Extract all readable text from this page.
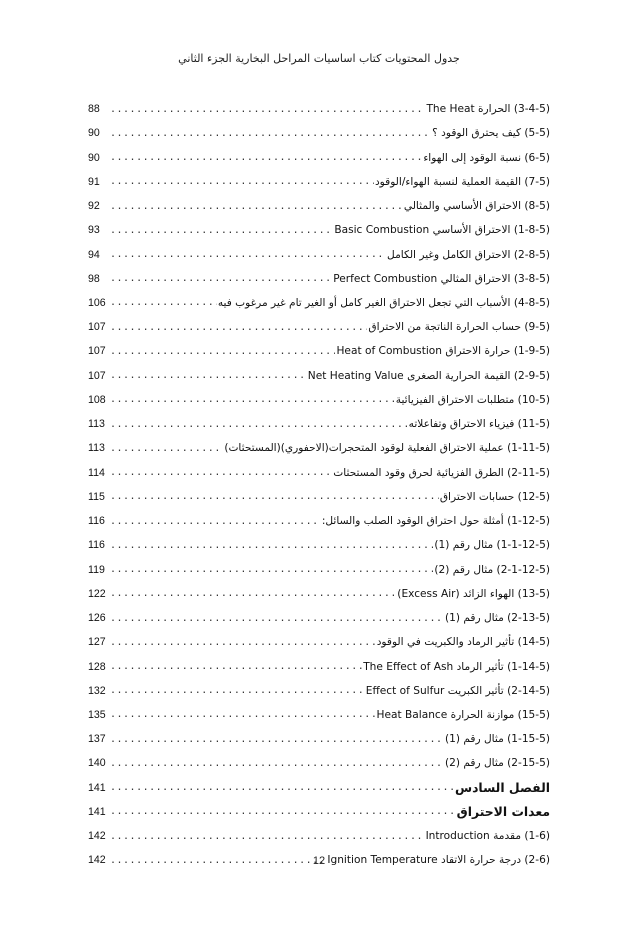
جدول المحتويات كتاب اساسيات المراحل البخارية الجزء الثاني
(3-4-5) الحرارة The Heat
.....
88
(5-5) كيف يحترق الوقود ؟
.....
90
(6-5) نسبة الوقود إلى الهواء
.....
90
(7-5) القيمة العملية لنسبة الهواء/الوقود
.....
91
(8-5) الاحتراق الأساسي والمثالي
.....
92
(1-8-5) الاحتراق الأساسي Basic Combustion
.....
93
(2-8-5) الاحتراق الكامل وغير الكامل
.....
94
(3-8-5) الاحتراق المثالي Perfect Combustion
.....
98
(4-8-5) الأسباب التي تجعل الاحتراق الغير كامل أو الغير تام غير مرغوب فيه
.....
106
(9-5) حساب الحرارة الناتجة من الاحتراق
.....
107
(1-9-5) حرارة الاحتراق Heat of Combustion
.....
107
(2-9-5) القيمة الحرارية الصغرى Net Heating Value
.....
107
(10-5) متطلبات الاحتراق الفيزيائية
.....
108
(11-5) فيزياء الاحتراق وتفاعلاته
.....
113
(1-11-5) عملية الاحتراق الفعلية لوقود المتحجرات(الاحفوري)(المستحثات)
.....
113
(2-11-5) الطرق الفزيائية لحرق وقود المستحثات
.....
114
(12-5) حسابات الاحتراق
.....
115
(1-12-5) أمثلة حول احتراق الوقود الصلب والسائل:
.....
116
(1-1-12-5) مثال رقم (1)
.....
116
(2-1-12-5) مثال رقم (2)
.....
119
(13-5) الهواء الزائد (Excess Air)
.....
122
(2-13-5) مثال رقم (1)
.....
126
(14-5) تأثير الرماد والكبريت في الوقود
.....
127
(1-14-5) تأثير الرماد The Effect of Ash
.....
128
(2-14-5) تأثير الكبريت Effect of Sulfur
.....
132
(15-5) موازنة الحرارة Heat Balance
.....
135
(1-15-5) مثال رقم (1)
.....
137
(2-15-5) مثال رقم (2)
.....
140
الفصل السادس
.....
141
معدات الاحتراق
.....
141
(1-6) مقدمة Introduction
.....
142
(2-6) درجة حرارة الاتقاد Ignition Temperature
.....
142	12
